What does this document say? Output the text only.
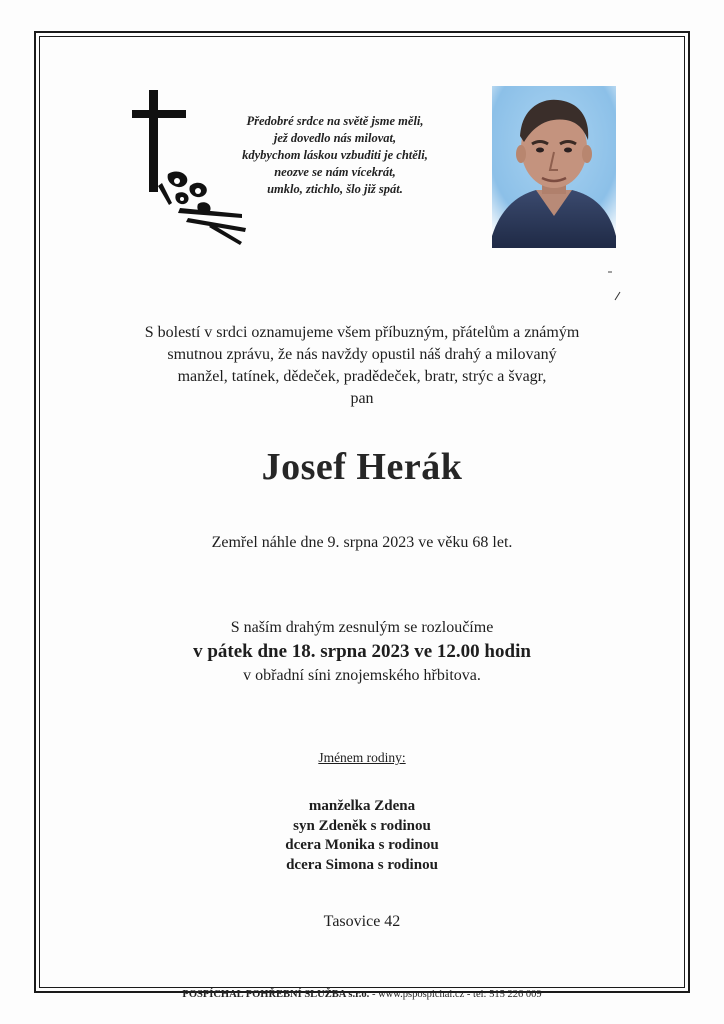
Předobré srdce na světě jsme měli,
jež dovedlo nás milovat,
kdybychom láskou vzbuditi je chtěli,
neozve se nám vícekrát,
umklo, ztichlo, šlo již spát.
S bolestí v srdci oznamujeme všem příbuzným, přátelům a známým
smutnou zprávu, že nás navždy opustil náš drahý a milovaný
manžel, tatínek, dědeček, pradědeček, bratr, strýc a švagr,
pan
Josef Herák
Zemřel náhle dne 9. srpna 2023 ve věku 68 let.
S naším drahým zesnulým se rozloučíme
v pátek dne 18. srpna 2023 ve 12.00 hodin
v obřadní síni znojemského hřbitova.
Jménem rodiny:
manželka Zdena
syn Zdeněk s rodinou
dcera Monika s rodinou
dcera Simona s rodinou
Tasovice 42
POSPÍCHAL POHŘEBNÍ SLUŽBA s.r.o. - www.pspospichal.cz - tel: 515 226 009
